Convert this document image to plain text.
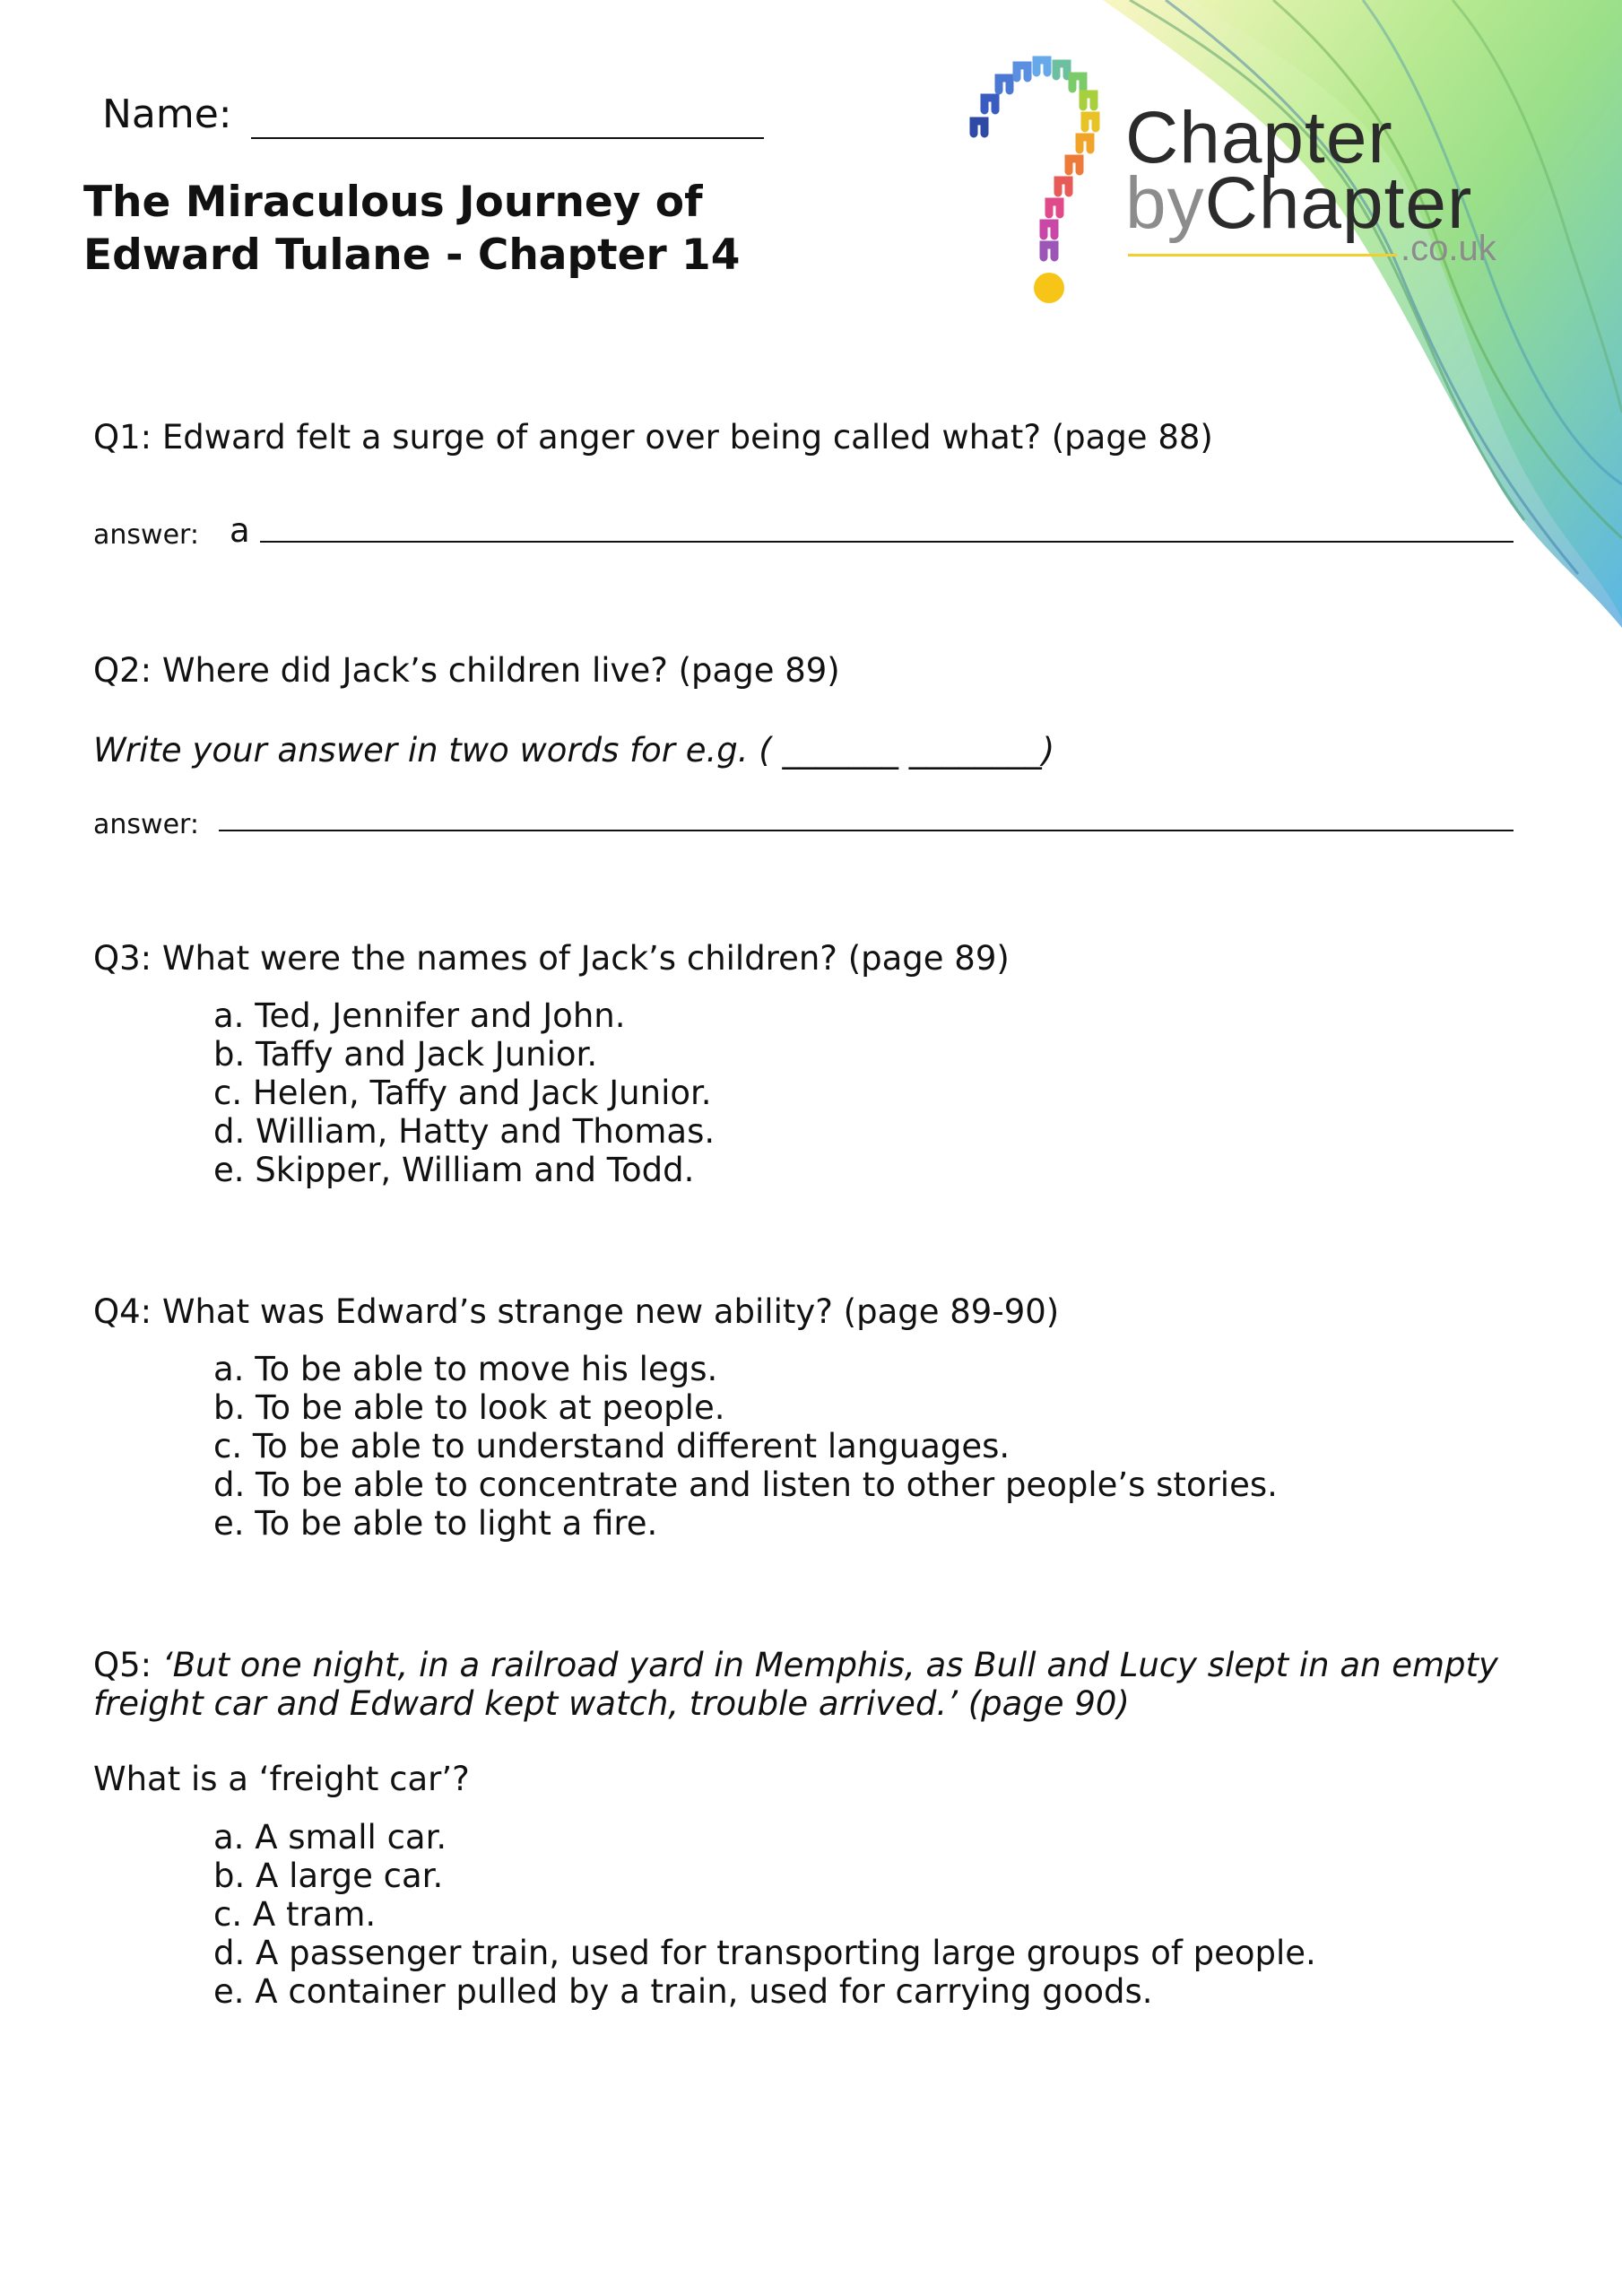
Name:
The Miraculous Journey of
Edward Tulane - Chapter 14
Chapter
byChapter
.co.uk
Q1: Edward felt a surge of anger over being called what? (page 88)
answer: a
Q2: Where did Jack’s children live? (page 89)
Write your answer in two words for e.g. ( _______ ________)
answer:
Q3: What were the names of Jack’s children? (page 89)
a. Ted, Jennifer and John.
b. Taffy and Jack Junior.
c. Helen, Taffy and Jack Junior.
d. William, Hatty and Thomas.
e. Skipper, William and Todd.
Q4: What was Edward’s strange new ability? (page 89-90)
a. To be able to move his legs.
b. To be able to look at people.
c. To be able to understand different languages.
d. To be able to concentrate and listen to other people’s stories.
e. To be able to light a fire.
Q5: ‘But one night, in a railroad yard in Memphis, as Bull and Lucy slept in an empty
freight car and Edward kept watch, trouble arrived.’ (page 90)
What is a ‘freight car’?
a. A small car.
b. A large car.
c. A tram.
d. A passenger train, used for transporting large groups of people.
e. A container pulled by a train, used for carrying goods.
